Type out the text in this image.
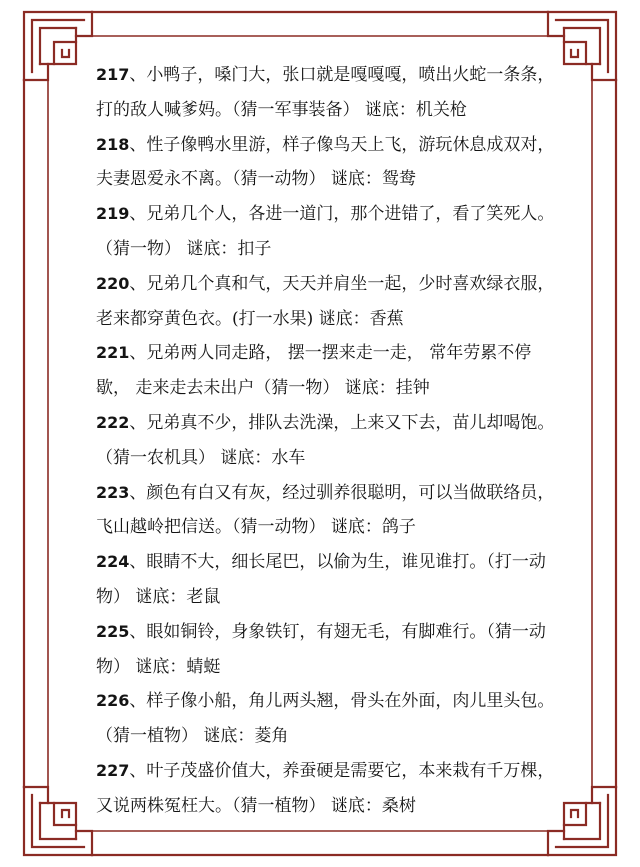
217、小鸭子，嗓门大，张口就是嘎嘎嘎，喷出火蛇一条条，
打的敌人喊爹妈。（猜一军事装备） 谜底：机关枪
218、性子像鸭水里游，样子像鸟天上飞，游玩休息成双对，
夫妻恩爱永不离。（猜一动物） 谜底：鸳鸯
219、兄弟几个人，各进一道门，那个进错了，看了笑死人。
（猜一物） 谜底：扣子
220、兄弟几个真和气，天天并肩坐一起，少时喜欢绿衣服，
老来都穿黄色衣。(打一水果) 谜底：香蕉
221、兄弟两人同走路， 摆一摆来走一走， 常年劳累不停
歇， 走来走去未出户（猜一物） 谜底：挂钟
222、兄弟真不少，排队去洗澡，上来又下去，苗儿却喝饱。
（猜一农机具） 谜底：水车
223、颜色有白又有灰，经过驯养很聪明，可以当做联络员，
飞山越岭把信送。（猜一动物） 谜底：鸽子
224、眼睛不大，细长尾巴，以偷为生，谁见谁打。（打一动
物） 谜底：老鼠
225、眼如铜铃，身象铁钉，有翅无毛，有脚难行。（猜一动
物） 谜底：蜻蜓
226、样子像小船，角儿两头翘，骨头在外面，肉儿里头包。
（猜一植物） 谜底：菱角
227、叶子茂盛价值大，养蚕硬是需要它，本来栽有千万棵，
又说两株冤枉大。（猜一植物） 谜底：桑树
